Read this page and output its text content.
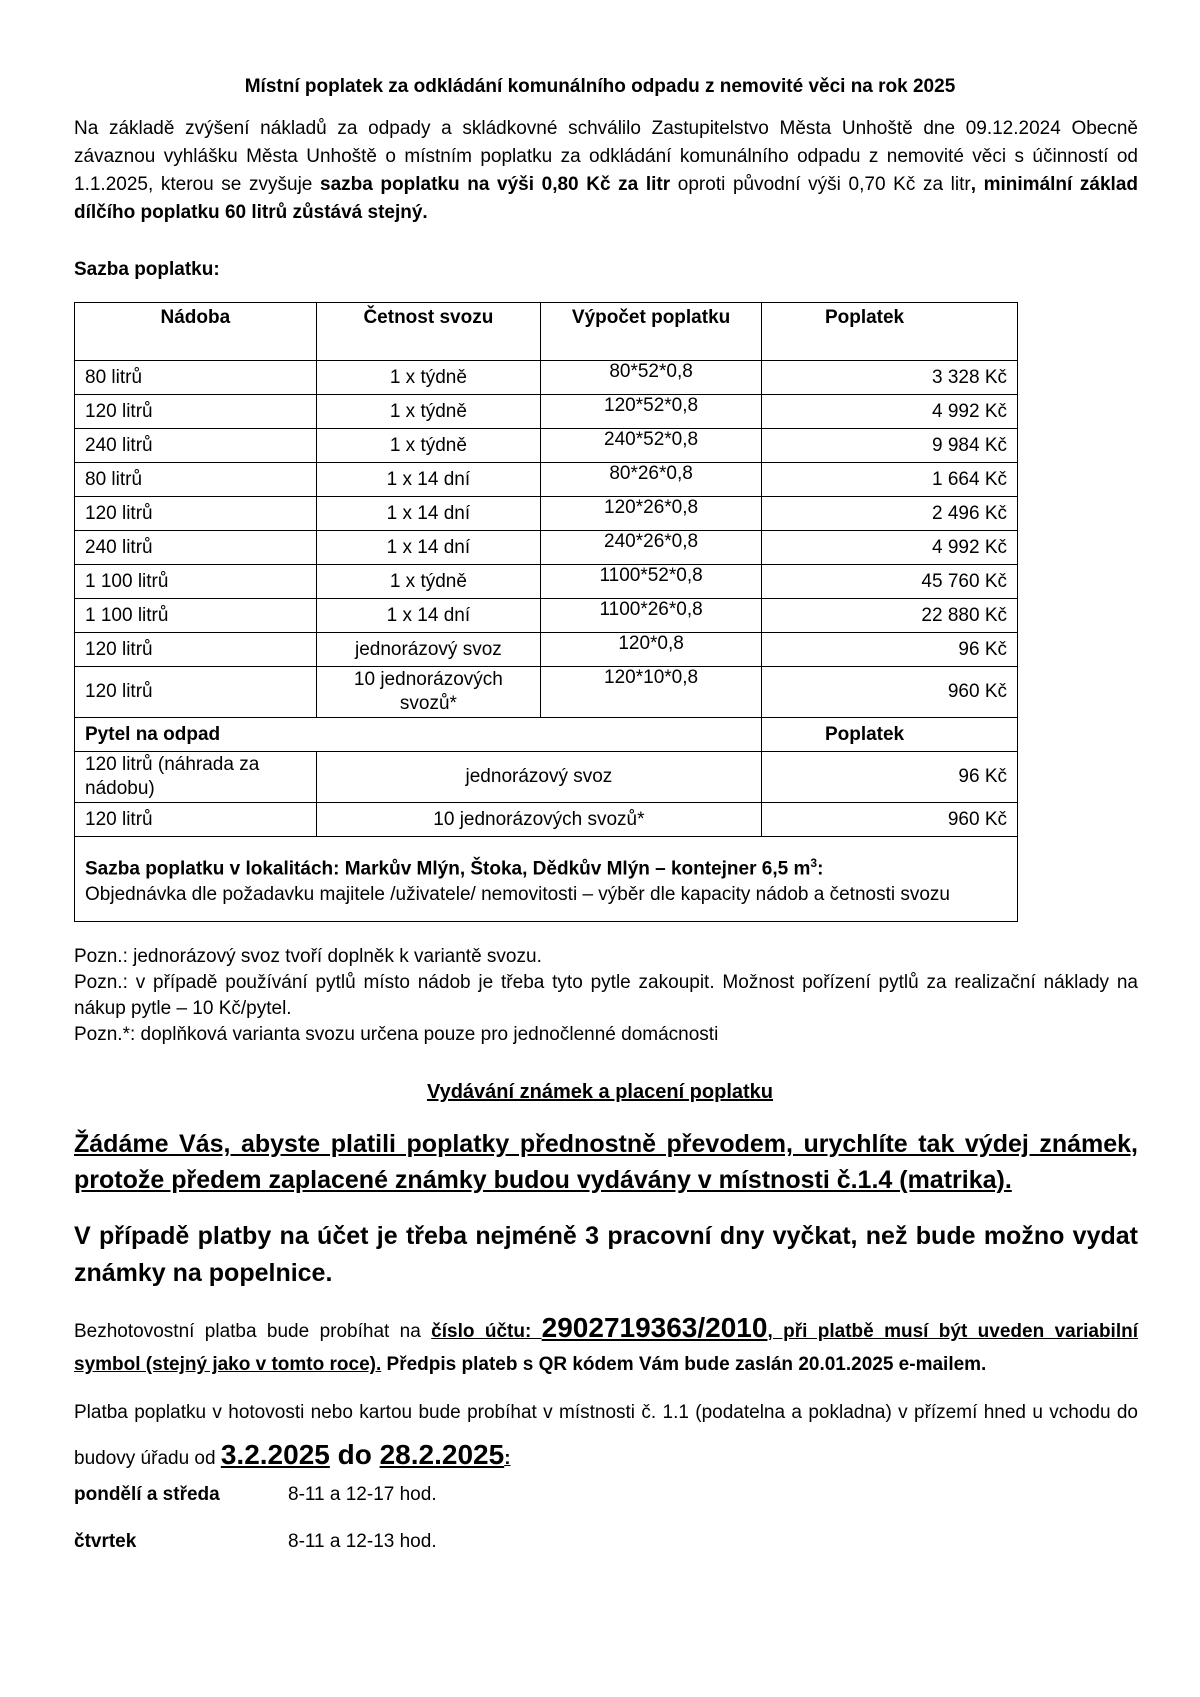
Místní poplatek za odkládání komunálního odpadu z nemovité věci na rok 2025
Na základě zvýšení nákladů za odpady a skládkovné schválilo Zastupitelstvo Města Unhoště dne 09.12.2024 Obecně závaznou vyhlášku Města Unhoště o místním poplatku za odkládání komunálního odpadu z nemovité věci s účinností od 1.1.2025, kterou se zvyšuje sazba poplatku na výši 0,80 Kč za litr oproti původní výši 0,70 Kč za litr, minimální základ dílčího poplatku 60 litrů zůstává stejný.
Sazba poplatku:
Nádoba	Četnost svozu	Výpočet poplatku	Poplatek
80 litrů	1 x týdně	80*52*0,8	3 328 Kč
120 litrů	1 x týdně	120*52*0,8	4 992 Kč
240 litrů	1 x týdně	240*52*0,8	9 984 Kč
80 litrů	1 x 14 dní	80*26*0,8	1 664 Kč
120 litrů	1 x 14 dní	120*26*0,8	2 496 Kč
240 litrů	1 x 14 dní	240*26*0,8	4 992 Kč
1 100 litrů	1 x týdně	1100*52*0,8	45 760 Kč
1 100 litrů	1 x 14 dní	1100*26*0,8	22 880 Kč
120 litrů	jednorázový svoz	120*0,8	96 Kč
120 litrů	10 jednorázových svozů*	120*10*0,8	960 Kč
Pytel na odpad			Poplatek
120 litrů (náhrada za nádobu)	jednorázový svoz		96 Kč
120 litrů	10 jednorázových svozů*		960 Kč
Sazba poplatku v lokalitách: Markův Mlýn, Štoka, Dědkův Mlýn – kontejner 6,5 $m^3$:
Objednávka dle požadavku majitele /uživatele/ nemovitosti – výběr dle kapacity nádob a četnosti svozu			
Pozn.: jednorázový svoz tvoří doplněk k variantě svozu.
Pozn.: v případě používání pytlů místo nádob je třeba tyto pytle zakoupit. Možnost pořízení pytlů za realizační náklady na nákup pytle – 10 Kč/pytel.
Pozn.*: doplňková varianta svozu určena pouze pro jednočlenné domácnosti
Vydávání známek a placení poplatku
Žádáme Vás, abyste platili poplatky přednostně převodem, urychlíte tak výdej známek, protože předem zaplacené známky budou vydávány v místnosti č.1.4 (matrika).
V případě platby na účet je třeba nejméně 3 pracovní dny vyčkat, než bude možno vydat známky na popelnice.
Bezhotovostní platba bude probíhat na číslo účtu: 2902719363/2010, při platbě musí být uveden variabilní symbol (stejný jako v tomto roce). Předpis plateb s QR kódem Vám bude zaslán 20.01.2025 e-mailem.
Platba poplatku v hotovosti nebo kartou bude probíhat v místnosti č. 1.1 (podatelna a pokladna) v přízemí hned u vchodu do budovy úřadu od 3.2.2025 do 28.2.2025:
pondělí a středa	8-11 a 12-17 hod.
čtvrtek	8-11 a 12-13 hod.
